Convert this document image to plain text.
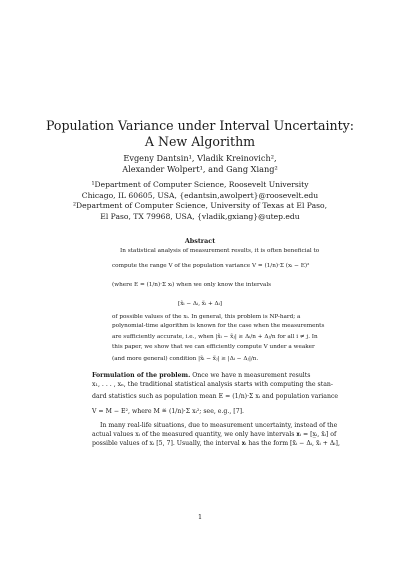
Population Variance under Interval Uncertainty:
A New Algorithm
Evgeny Dantsin¹, Vladik Kreinovich²,
Alexander Wolpert¹, and Gang Xiang²
¹Department of Computer Science, Roosevelt University
Chicago, IL 60605, USA, {edantsin,awolpert}@roosevelt.edu
²Department of Computer Science, University of Texas at El Paso,
El Paso, TX 79968, USA, {vladik,gxiang}@utep.edu
Abstract
In statistical analysis of measurement results, it is often beneficial to
compute the range V of the population variance V = (1/n)·Σ (xᵢ − E)²
(where E = (1/n)·Σ xᵢ) when we only know the intervals
[x̃ᵢ − Δᵢ, x̃ᵢ + Δᵢ]
of possible values of the xᵢ. In general, this problem is NP-hard; a
polynomial-time algorithm is known for the case when the measurements
are sufficiently accurate, i.e., when |x̃ᵢ − x̃ⱼ| ≥ Δᵢ/n + Δⱼ/n for all i ≠ j. In
this paper, we show that we can efficiently compute V under a weaker
(and more general) condition |x̃ᵢ − x̃ⱼ| ≥ |Δᵢ − Δⱼ|/n.
Formulation of the problem. Once we have n measurement results
x₁, . . . , xₙ, the traditional statistical analysis starts with computing the stan-
dard statistics such as population mean E = (1/n)·Σ xᵢ and population variance
V = M − E², where M ≝ (1/n)·Σ xᵢ²; see, e.g., [7].
In many real-life situations, due to measurement uncertainty, instead of the
actual values xᵢ of the measured quantity, we only have intervals 𝐱ᵢ = [x̲ᵢ, x̄ᵢ] of
possible values of xᵢ [5, 7]. Usually, the interval 𝐱ᵢ has the form [x̃ᵢ − Δᵢ, x̃ᵢ + Δᵢ],
1
